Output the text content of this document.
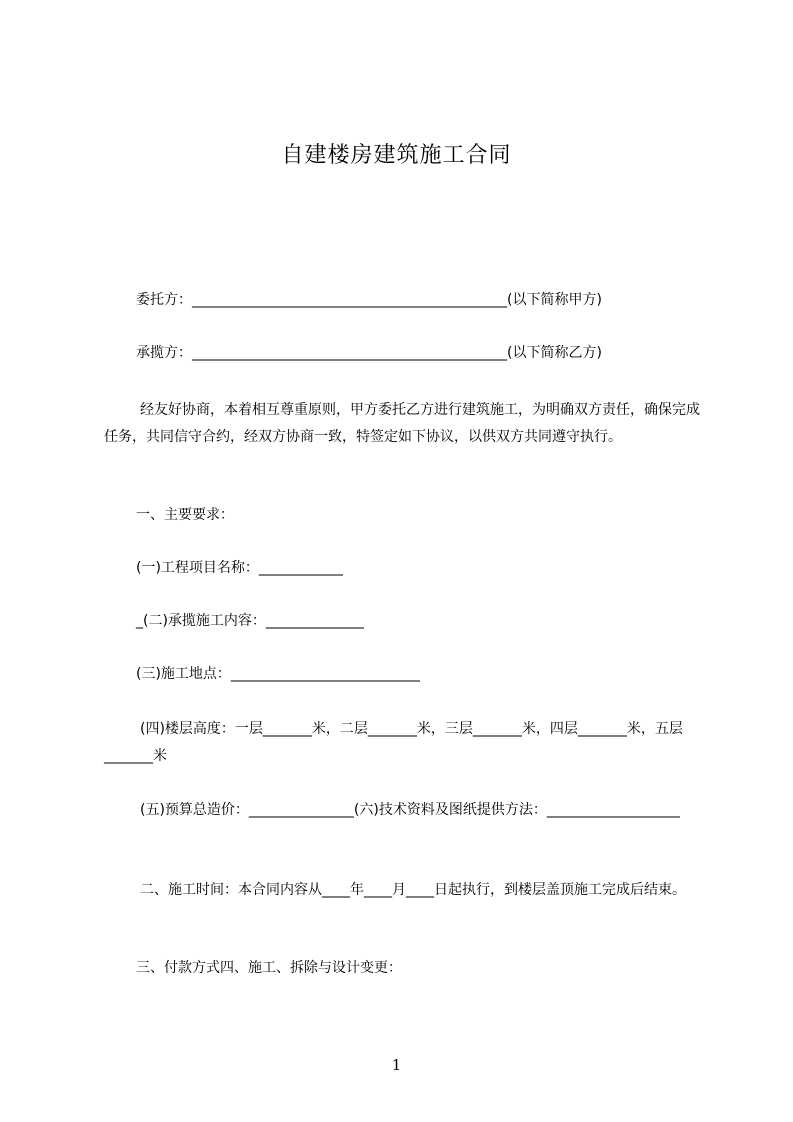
自建楼房建筑施工合同
委托方：_____________________________________________(以下简称甲方)
承揽方：_____________________________________________(以下简称乙方)
经友好协商，本着相互尊重原则，甲方委托乙方进行建筑施工，为明确双方责任，确保完成任务，共同信守合约，经双方协商一致，特签定如下协议，以供双方共同遵守执行。
一、主要要求：
(一)工程项目名称：____________
_(二)承揽施工内容：______________
(三)施工地点：___________________________
(四)楼层高度：一层_______米，二层_______米，三层_______米，四层_______米，五层_______米
(五)预算总造价：_______________(六)技术资料及图纸提供方法：___________________
二、施工时间：本合同内容从____年____月____日起执行，到楼层盖顶施工完成后结束。
三、付款方式四、施工、拆除与设计变更：
1
